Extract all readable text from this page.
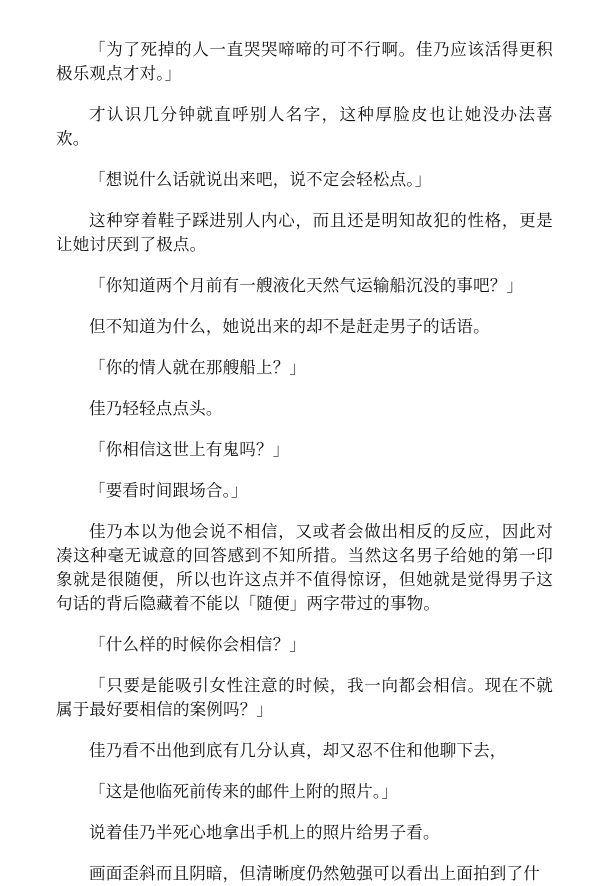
「为了死掉的人一直哭哭啼啼的可不行啊。佳乃应该活得更积极乐观点才对。」

才认识几分钟就直呼别人名字，这种厚脸皮也让她没办法喜欢。

「想说什么话就说出来吧，说不定会轻松点。」

这种穿着鞋子踩进别人内心，而且还是明知故犯的性格，更是让她讨厌到了极点。

「你知道两个月前有一艘液化天然气运输船沉没的事吧？」

但不知道为什么，她说出来的却不是赶走男子的话语。

「你的情人就在那艘船上？」

佳乃轻轻点点头。

「你相信这世上有鬼吗？」

「要看时间跟场合。」

佳乃本以为他会说不相信，又或者会做出相反的反应，因此对凑这种毫无诚意的回答感到不知所措。当然这名男子给她的第一印象就是很随便，所以也许这点并不值得惊讶，但她就是觉得男子这句话的背后隐藏着不能以「随便」两字带过的事物。

「什么样的时候你会相信？」

「只要是能吸引女性注意的时候，我一向都会相信。现在不就属于最好要相信的案例吗？」

佳乃看不出他到底有几分认真，却又忍不住和他聊下去，

「这是他临死前传来的邮件上附的照片。」

说着佳乃半死心地拿出手机上的照片给男子看。

画面歪斜而且阴暗，但清晰度仍然勉强可以看出上面拍到了什
